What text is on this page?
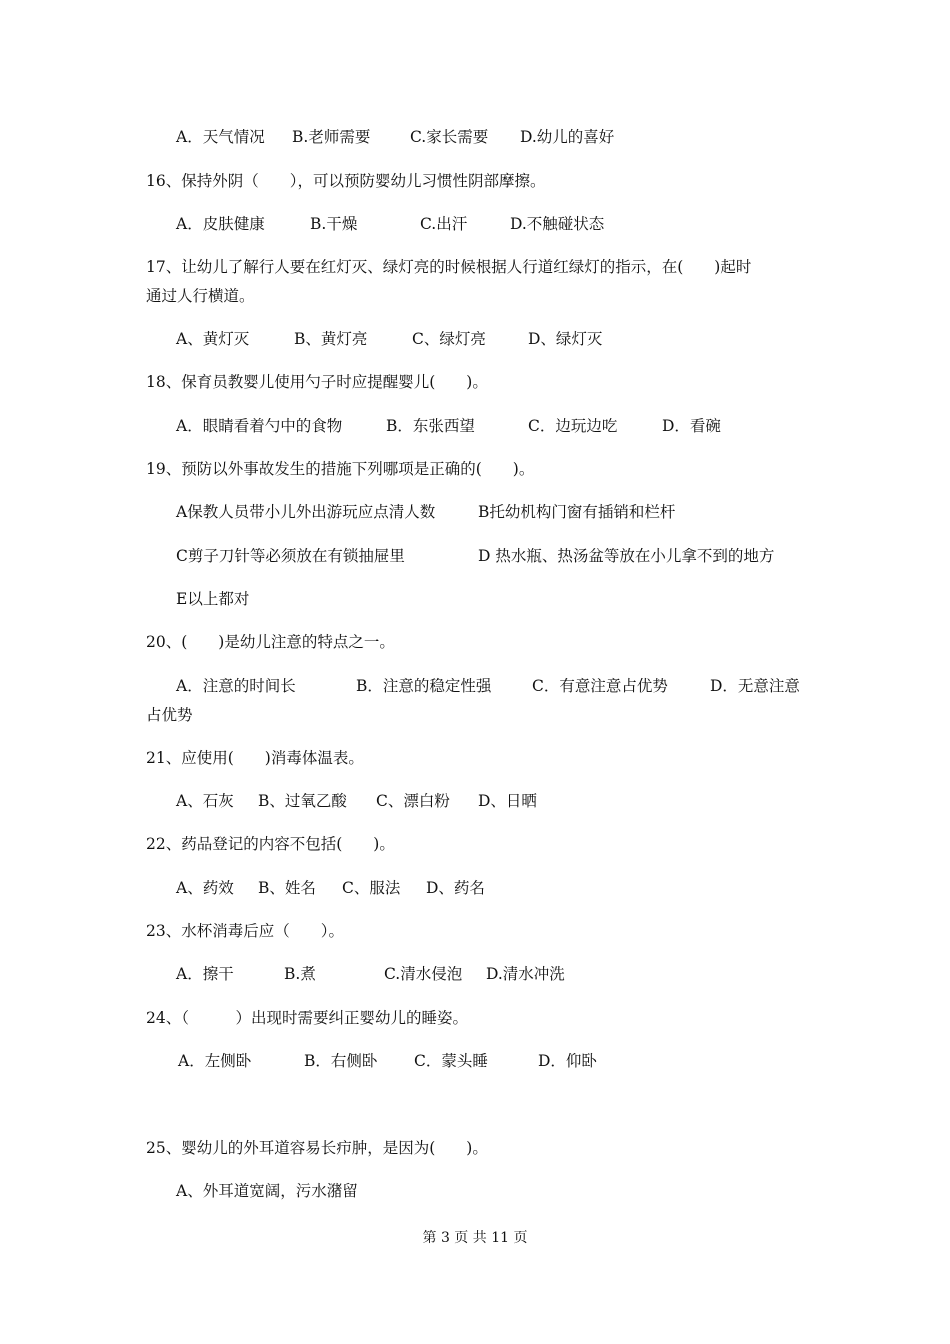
A．天气情况 B.老师需要	C.家长需要 D.幼儿的喜好
16、保持外阴（　　），可以预防婴幼儿习惯性阴部摩擦。
A．皮肤健康	B.干燥	C.出汗	D.不触碰状态
17、让幼儿了解行人要在红灯灭、绿灯亮的时候根据人行道红绿灯的指示，在(　　)起时
通过人行横道。
A、黄灯灭	B、黄灯亮	C、绿灯亮	D、绿灯灭
18、保育员教婴儿使用勺子时应提醒婴儿(　　)。
A．眼睛看着勺中的食物	B．东张西望	C．边玩边吃	D．看碗
19、预防以外事故发生的措施下列哪项是正确的(　　)。
A保教人员带小儿外出游玩应点清人数	B托幼机构门窗有插销和栏杆
C剪子刀针等必须放在有锁抽屉里	D 热水瓶、热汤盆等放在小儿拿不到的地方
E以上都对
20、(　　)是幼儿注意的特点之一。
A．注意的时间长	B．注意的稳定性强	C．有意注意占优势	D．无意注意
占优势
21、应使用(　　)消毒体温表。
A、石灰 B、过氧乙酸 C、漂白粉 D、日晒
22、药品登记的内容不包括(　　)。
A、药效 B、姓名 C、服法 D、药名
23、水杯消毒后应（　　）。
A．擦干	B.煮	C.清水侵泡 D.清水冲洗
24、（　　　）出现时需要纠正婴幼儿的睡姿。
A．左侧卧	B．右侧卧 C．蒙头睡	D．仰卧
25、婴幼儿的外耳道容易长疖肿，是因为(　　)。
A、外耳道宽阔，污水潴留
第 3 页 共 11 页
